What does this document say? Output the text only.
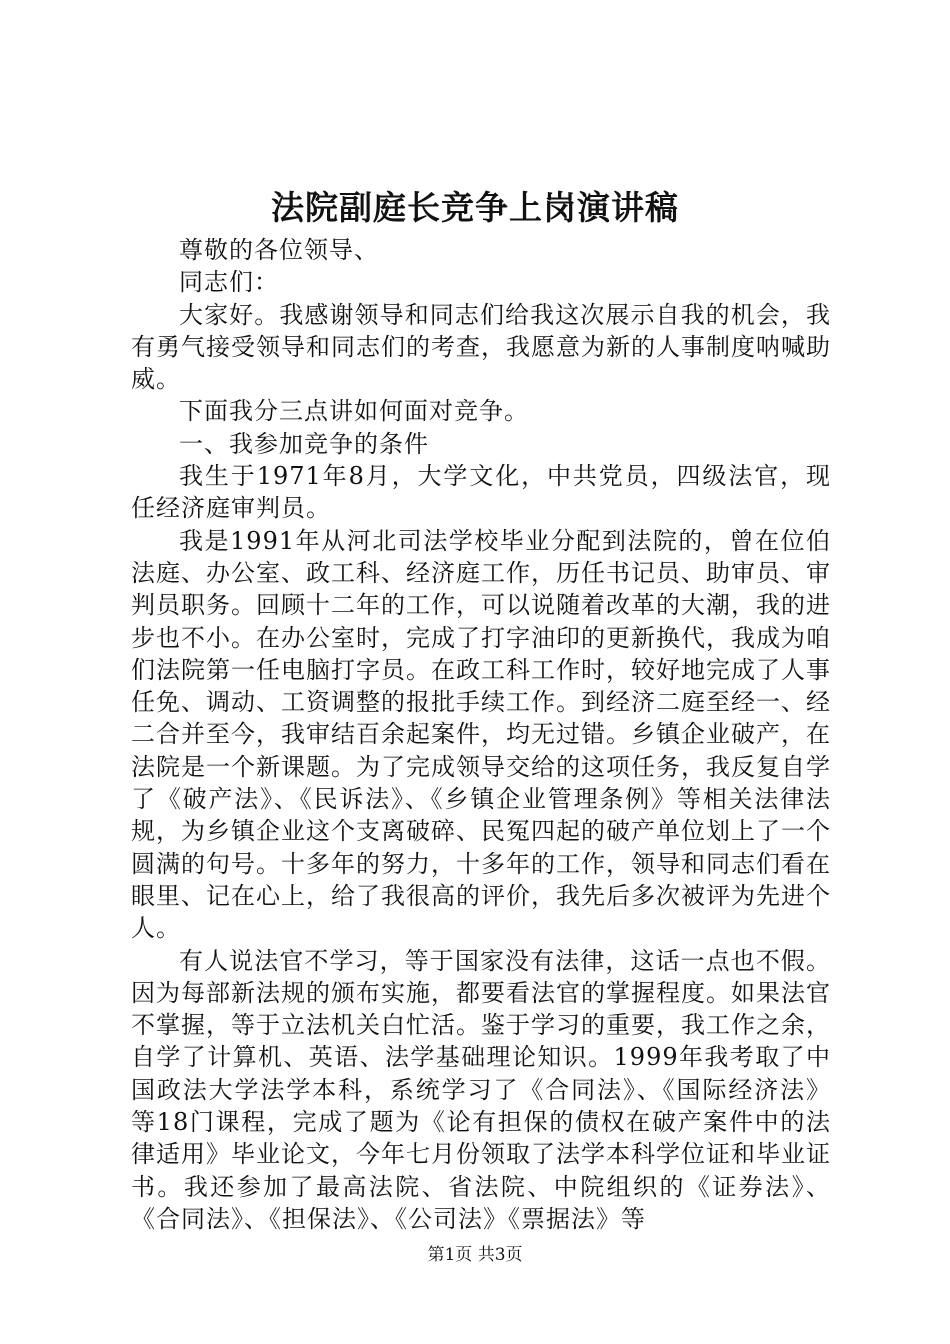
法院副庭长竞争上岗演讲稿

尊敬的各位领导、

同志们：

大家好。我感谢领导和同志们给我这次展示自我的机会，我有勇气接受领导和同志们的考查，我愿意为新的人事制度呐喊助威。

下面我分三点讲如何面对竞争。

一、我参加竞争的条件

我生于1971年8月，大学文化，中共党员，四级法官，现任经济庭审判员。

我是1991年从河北司法学校毕业分配到法院的，曾在位伯法庭、办公室、政工科、经济庭工作，历任书记员、助审员、审判员职务。回顾十二年的工作，可以说随着改革的大潮，我的进步也不小。在办公室时，完成了打字油印的更新换代，我成为咱们法院第一任电脑打字员。在政工科工作时，较好地完成了人事任免、调动、工资调整的报批手续工作。到经济二庭至经一、经二合并至今，我审结百余起案件，均无过错。乡镇企业破产，在法院是一个新课题。为了完成领导交给的这项任务，我反复自学了《破产法》、《民诉法》、《乡镇企业管理条例》等相关法律法规，为乡镇企业这个支离破碎、民冤四起的破产单位划上了一个圆满的句号。十多年的努力，十多年的工作，领导和同志们看在眼里、记在心上，给了我很高的评价，我先后多次被评为先进个人。

有人说法官不学习，等于国家没有法律，这话一点也不假。因为每部新法规的颁布实施，都要看法官的掌握程度。如果法官不掌握，等于立法机关白忙活。鉴于学习的重要，我工作之余，自学了计算机、英语、法学基础理论知识。1999年我考取了中国政法大学法学本科，系统学习了《合同法》、《国际经济法》等18门课程，完成了题为《论有担保的债权在破产案件中的法律适用》毕业论文，今年七月份领取了法学本科学位证和毕业证书。我还参加了最高法院、省法院、中院组织的《证券法》、《合同法》、《担保法》、《公司法》《票据法》等

第1页 共3页
